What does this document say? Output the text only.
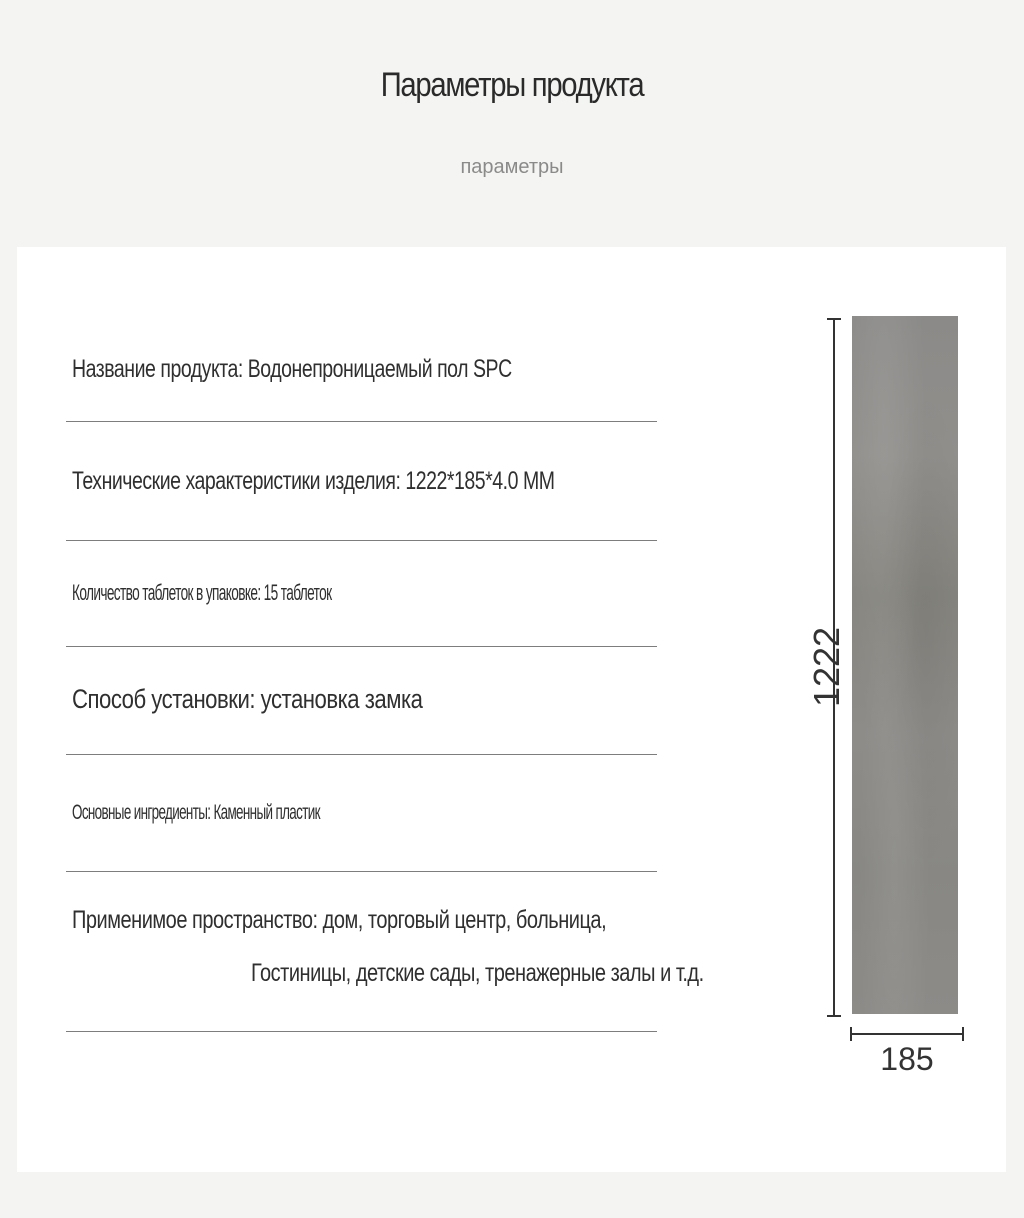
Параметры продукта
параметры
Название продукта: Водонепроницаемый пол SPC
Технические характеристики изделия: 1222*185*4.0 MM
Количество таблеток в упаковке: 15 таблеток
Способ установки: установка замка
Основные ингредиенты: Каменный пластик
Применимое пространство: дом, торговый центр, больница,
Гостиницы, детские сады, тренажерные залы и т.д.
1222
185
